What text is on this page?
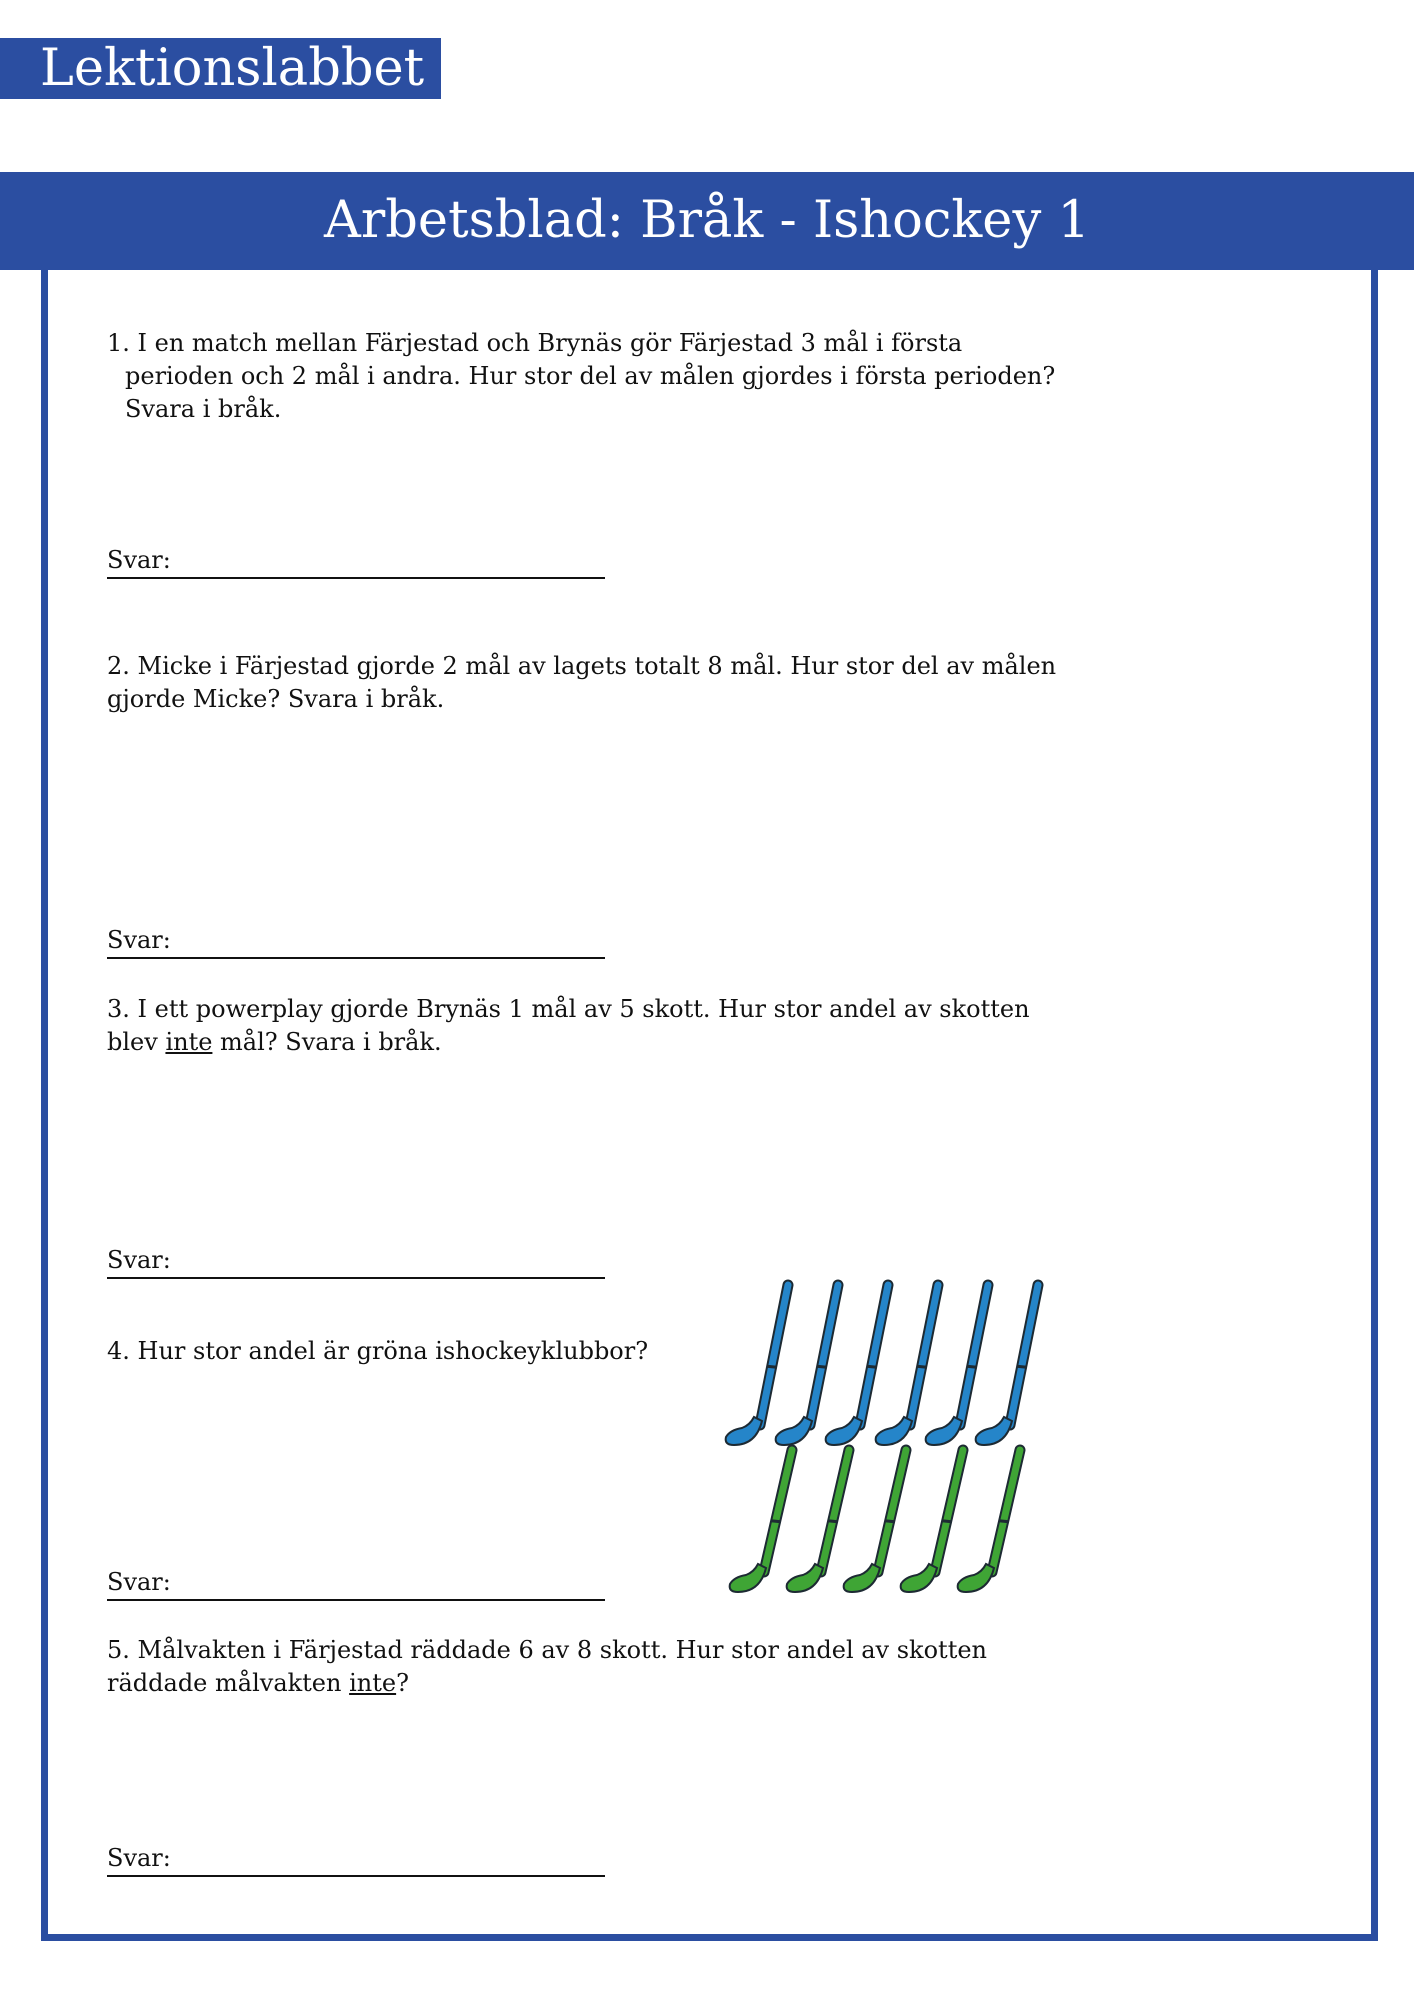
Lektionslabbet
Arbetsblad: Bråk - Ishockey 1
1. I en match mellan Färjestad och Brynäs gör Färjestad 3 mål i första perioden och 2 mål i andra. Hur stor del av målen gjordes i första perioden? Svara i bråk.
Svar:
2. Micke i Färjestad gjorde 2 mål av lagets totalt 8 mål. Hur stor del av målen gjorde Micke? Svara i bråk.
Svar:
3. I ett powerplay gjorde Brynäs 1 mål av 5 skott. Hur stor andel av skotten blev inte mål? Svara i bråk.
Svar:
4. Hur stor andel är gröna ishockeyklubbor?
Svar:
5. Målvakten i Färjestad räddade 6 av 8 skott. Hur stor andel av skotten räddade målvakten inte?
Svar:
